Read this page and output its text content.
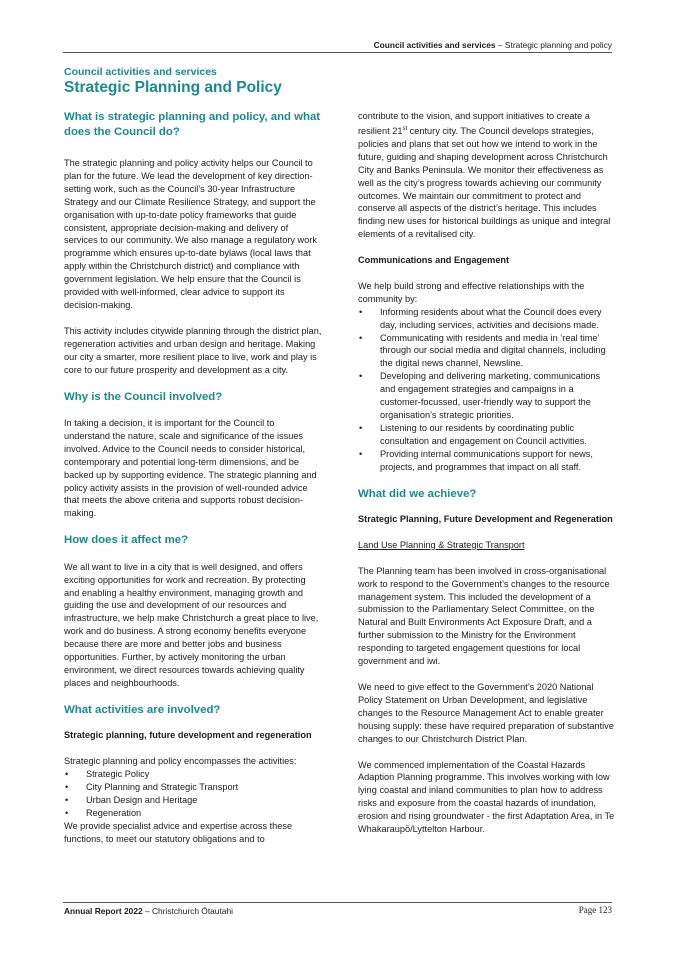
Council activities and services – Strategic planning and policy
Council activities and services
Strategic Planning and Policy
What is strategic planning and policy, and what does the Council do?

The strategic planning and policy activity helps our Council to plan for the future. We lead the development of key direction-setting work, such as the Council’s 30-year Infrastructure Strategy and our Climate Resilience Strategy, and support the organisation with up-to-date policy frameworks that guide consistent, appropriate decision-making and delivery of services to our community. We also manage a regulatory work programme which ensures up-to-date bylaws (local laws that apply within the Christchurch district) and compliance with government legislation. We help ensure that the Council is provided with well-informed, clear advice to support its decision-making.

This activity includes citywide planning through the district plan, regeneration activities and urban design and heritage. Making our city a smarter, more resilient place to live, work and play is core to our future prosperity and development as a city.

Why is the Council involved?

In taking a decision, it is important for the Council to understand the nature, scale and significance of the issues involved. Advice to the Council needs to consider historical, contemporary and potential long-term dimensions, and be backed up by supporting evidence. The strategic planning and policy activity assists in the provision of well-rounded advice that meets the above criteria and supports robust decision-making.

How does it affect me?

We all want to live in a city that is well designed, and offers exciting opportunities for work and recreation. By protecting and enabling a healthy environment, managing growth and guiding the use and development of our resources and infrastructure, we help make Christchurch a great place to live, work and do business. A strong economy benefits everyone because there are more and better jobs and business opportunities. Further, by actively monitoring the urban environment, we direct resources towards achieving quality places and neighbourhoods.

What activities are involved?
Strategic planning, future development and regeneration

Strategic planning and policy encompasses the activities:

• Strategic Policy
• City Planning and Strategic Transport
• Urban Design and Heritage
• Regeneration

We provide specialist advice and expertise across these functions, to meet our statutory obligations and to

contribute to the vision, and support initiatives to create a resilient 21st century city. The Council develops strategies, policies and plans that set out how we intend to work in the future, guiding and shaping development across Christchurch City and Banks Peninsula. We monitor their effectiveness as well as the city’s progress towards achieving our community outcomes. We maintain our commitment to protect and conserve all aspects of the district’s heritage. This includes finding new uses for historical buildings as unique and integral elements of a revitalised city.

Communications and Engagement

We help build strong and effective relationships with the community by:

• Informing residents about what the Council does every day, including services, activities and decisions made.
• Communicating with residents and media in ‘real time’ through our social media and digital channels, including the digital news channel, Newsline.
• Developing and delivering marketing, communications and engagement strategies and campaigns in a customer-focussed, user-friendly way to support the organisation’s strategic priorities.
• Listening to our residents by coordinating public consultation and engagement on Council activities.
• Providing internal communications support for news, projects, and programmes that impact on all staff.
What did we achieve?
Strategic Planning, Future Development and Regeneration

Land Use Planning & Strategic Transport

The Planning team has been involved in cross-organisational work to respond to the Government’s changes to the resource management system. This included the development of a submission to the Parliamentary Select Committee, on the Natural and Built Environments Act Exposure Draft, and a further submission to the Ministry for the Environment responding to targeted engagement questions for local government and iwi.

We need to give effect to the Government’s 2020 National Policy Statement on Urban Development, and legislative changes to the Resource Management Act to enable greater housing supply: these have required preparation of substantive changes to our Christchurch District Plan.

We commenced implementation of the Coastal Hazards Adaption Planning programme. This involves working with low lying coastal and inland communities to plan how to address risks and exposure from the coastal hazards of inundation, erosion and rising groundwater - the first Adaptation Area, in Te Whakaraupō/Lyttelton Harbour.

Annual Report 2022 – Christchurch Ōtautahi	Page 123
